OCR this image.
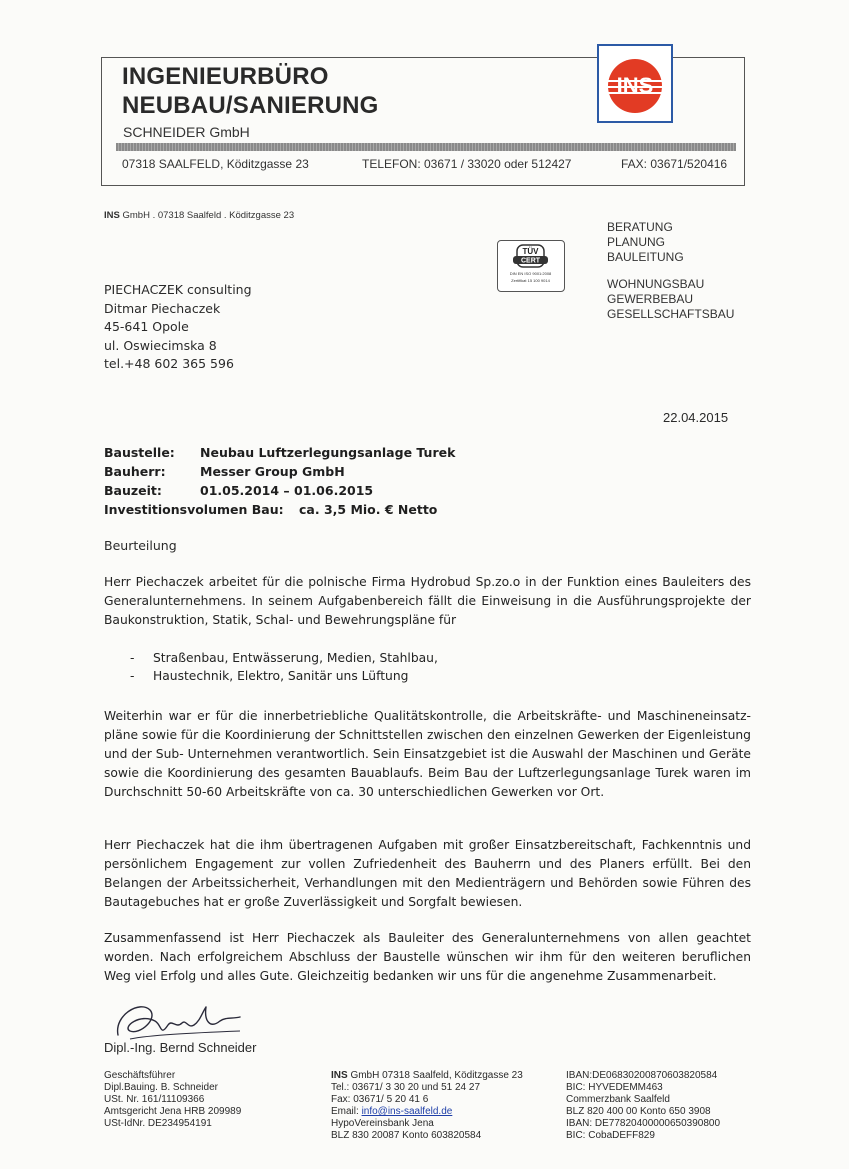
INGENIEURBÜRO
NEUBAU/SANIERUNG
SCHNEIDER GmbH
07318 SAALFELD, Köditzgasse 23	TELEFON: 03671 / 33020 oder 512427	FAX: 03671/520416
INS
INS GmbH . 07318 Saalfeld . Köditzgasse 23
BERATUNG
PLANUNG
BAULEITUNG
WOHNUNGSBAU
GEWERBEBAU
GESELLSCHAFTSBAU
TÜV
CERT
DIN EN ISO 9001:2008
Zertifikat 15 100 9014
PIECHACZEK consulting
Ditmar Piechaczek
45-641 Opole
ul. Oswiecimska 8
tel.+48 602 365 596
22.04.2015
Baustelle: Neubau Luftzerlegungsanlage Turek
Bauherr:	Messer Group GmbH
Bauzeit:	01.05.2014 – 01.06.2015
Investitionsvolumen Bau: ca. 3,5 Mio. € Netto
Beurteilung
Herr Piechaczek arbeitet für die polnische Firma Hydrobud Sp.zo.o in der Funktion eines Bauleiters des Generalunternehmens. In seinem Aufgabenbereich fällt die Einweisung in die Ausführungsprojekte der Baukonstruktion, Statik, Schal- und Bewehrungspläne für
- Straßenbau, Entwässerung, Medien, Stahlbau,
- Haustechnik, Elektro, Sanitär uns Lüftung
Weiterhin war er für die innerbetriebliche Qualitätskontrolle, die Arbeitskräfte- und Maschineneinsatz-pläne sowie für die Koordinierung der Schnittstellen zwischen den einzelnen Gewerken der Eigenleistung und der Sub- Unternehmen verantwortlich. Sein Einsatzgebiet ist die Auswahl der Maschinen und Geräte sowie die Koordinierung des gesamten Bauablaufs. Beim Bau der Luftzerlegungsanlage Turek waren im Durchschnitt 50-60 Arbeitskräfte von ca. 30 unterschiedlichen Gewerken vor Ort.
Herr Piechaczek hat die ihm übertragenen Aufgaben mit großer Einsatzbereitschaft, Fachkenntnis und persönlichem Engagement zur vollen Zufriedenheit des Bauherrn und des Planers erfüllt. Bei den Belangen der Arbeitssicherheit, Verhandlungen mit den Medienträgern und Behörden sowie Führen des Bautagebuches hat er große Zuverlässigkeit und Sorgfalt bewiesen.
Zusammenfassend ist Herr Piechaczek als Bauleiter des Generalunternehmens von allen geachtet worden. Nach erfolgreichem Abschluss der Baustelle wünschen wir ihm für den weiteren beruflichen Weg viel Erfolg und alles Gute. Gleichzeitig bedanken wir uns für die angenehme Zusammenarbeit.
Dipl.-Ing. Bernd Schneider
Geschäftsführer
Dipl.Bauing. B. Schneider
USt. Nr. 161/11109366
Amtsgericht Jena HRB 209989
USt-IdNr. DE234954191
INS GmbH 07318 Saalfeld, Köditzgasse 23
Tel.: 03671/ 3 30 20 und 51 24 27
Fax: 03671/ 5 20 41 6
Email: info@ins-saalfeld.de
HypoVereinsbank Jena
BLZ 830 20087 Konto 603820584
IBAN:DE06830200870603820584
BIC: HYVEDEMM463
Commerzbank Saalfeld
BLZ 820 400 00 Konto 650 3908
IBAN: DE77820400000650390800
BIC: CobaDEFF829
